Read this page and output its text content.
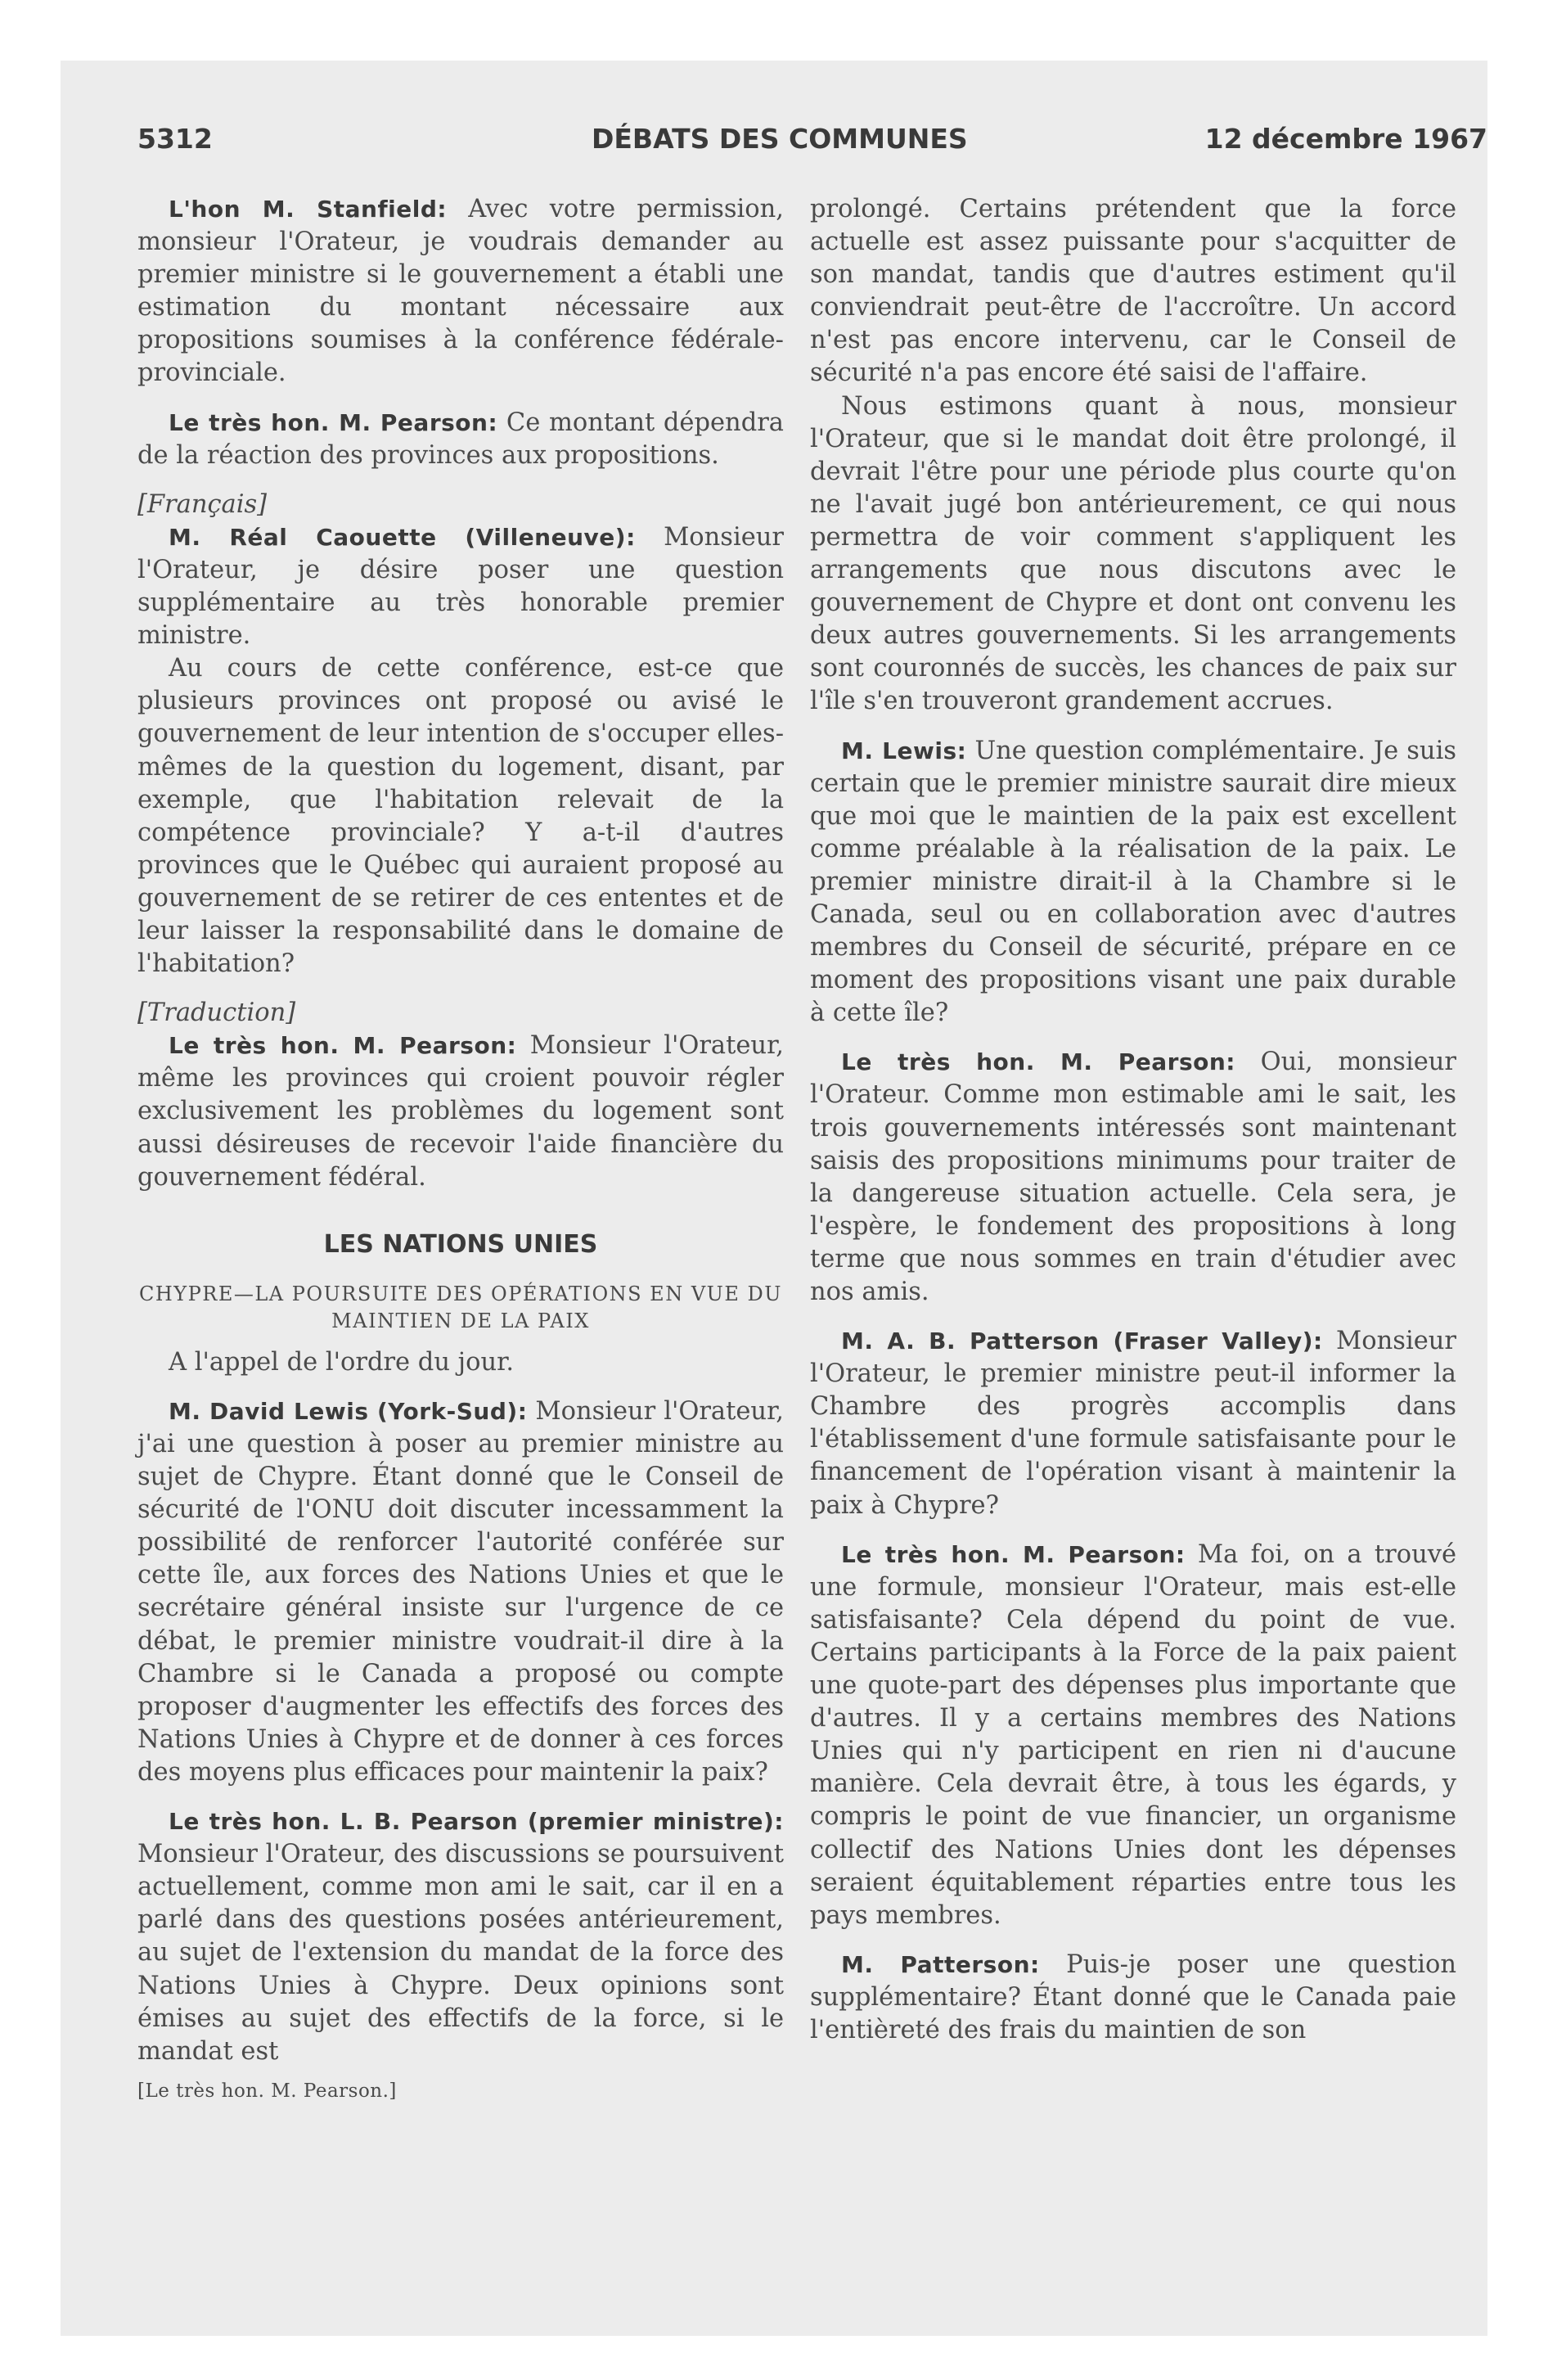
5312	DÉBATS DES COMMUNES	12 décembre 1967

L'hon M. Stanfield: Avec votre permission, monsieur l'Orateur, je voudrais demander au premier ministre si le gouvernement a établi une estimation du montant nécessaire aux propositions soumises à la conférence fédérale-provinciale.

Le très hon. M. Pearson: Ce montant dépendra de la réaction des provinces aux propositions.

[Français]

M. Réal Caouette (Villeneuve): Monsieur l'Orateur, je désire poser une question supplémentaire au très honorable premier ministre.

Au cours de cette conférence, est-ce que plusieurs provinces ont proposé ou avisé le gouvernement de leur intention de s'occuper elles-mêmes de la question du logement, disant, par exemple, que l'habitation relevait de la compétence provinciale? Y a-t-il d'autres provinces que le Québec qui auraient proposé au gouvernement de se retirer de ces ententes et de leur laisser la responsabilité dans le domaine de l'habitation?

[Traduction]

Le très hon. M. Pearson: Monsieur l'Orateur, même les provinces qui croient pouvoir régler exclusivement les problèmes du logement sont aussi désireuses de recevoir l'aide financière du gouvernement fédéral.

LES NATIONS UNIES

CHYPRE—LA POURSUITE DES OPÉRATIONS EN VUE DU MAINTIEN DE LA PAIX

A l'appel de l'ordre du jour.

M. David Lewis (York-Sud): Monsieur l'Orateur, j'ai une question à poser au premier ministre au sujet de Chypre. Étant donné que le Conseil de sécurité de l'ONU doit discuter incessamment la possibilité de renforcer l'autorité conférée sur cette île, aux forces des Nations Unies et que le secrétaire général insiste sur l'urgence de ce débat, le premier ministre voudrait-il dire à la Chambre si le Canada a proposé ou compte proposer d'augmenter les effectifs des forces des Nations Unies à Chypre et de donner à ces forces des moyens plus efficaces pour maintenir la paix?

Le très hon. L. B. Pearson (premier ministre): Monsieur l'Orateur, des discussions se poursuivent actuellement, comme mon ami le sait, car il en a parlé dans des questions posées antérieurement, au sujet de l'extension du mandat de la force des Nations Unies à Chypre. Deux opinions sont émises au sujet des effectifs de la force, si le mandat est

[Le très hon. M. Pearson.]

prolongé. Certains prétendent que la force actuelle est assez puissante pour s'acquitter de son mandat, tandis que d'autres estiment qu'il conviendrait peut-être de l'accroître. Un accord n'est pas encore intervenu, car le Conseil de sécurité n'a pas encore été saisi de l'affaire.

Nous estimons quant à nous, monsieur l'Orateur, que si le mandat doit être prolongé, il devrait l'être pour une période plus courte qu'on ne l'avait jugé bon antérieurement, ce qui nous permettra de voir comment s'appliquent les arrangements que nous discutons avec le gouvernement de Chypre et dont ont convenu les deux autres gouvernements. Si les arrangements sont couronnés de succès, les chances de paix sur l'île s'en trouveront grandement accrues.

M. Lewis: Une question complémentaire. Je suis certain que le premier ministre saurait dire mieux que moi que le maintien de la paix est excellent comme préalable à la réalisation de la paix. Le premier ministre dirait-il à la Chambre si le Canada, seul ou en collaboration avec d'autres membres du Conseil de sécurité, prépare en ce moment des propositions visant une paix durable à cette île?

Le très hon. M. Pearson: Oui, monsieur l'Orateur. Comme mon estimable ami le sait, les trois gouvernements intéressés sont maintenant saisis des propositions minimums pour traiter de la dangereuse situation actuelle. Cela sera, je l'espère, le fondement des propositions à long terme que nous sommes en train d'étudier avec nos amis.

M. A. B. Patterson (Fraser Valley): Monsieur l'Orateur, le premier ministre peut-il informer la Chambre des progrès accomplis dans l'établissement d'une formule satisfaisante pour le financement de l'opération visant à maintenir la paix à Chypre?

Le très hon. M. Pearson: Ma foi, on a trouvé une formule, monsieur l'Orateur, mais est-elle satisfaisante? Cela dépend du point de vue. Certains participants à la Force de la paix paient une quote-part des dépenses plus importante que d'autres. Il y a certains membres des Nations Unies qui n'y participent en rien ni d'aucune manière. Cela devrait être, à tous les égards, y compris le point de vue financier, un organisme collectif des Nations Unies dont les dépenses seraient équitablement réparties entre tous les pays membres.

M. Patterson: Puis-je poser une question supplémentaire? Étant donné que le Canada paie l'entièreté des frais du maintien de son
